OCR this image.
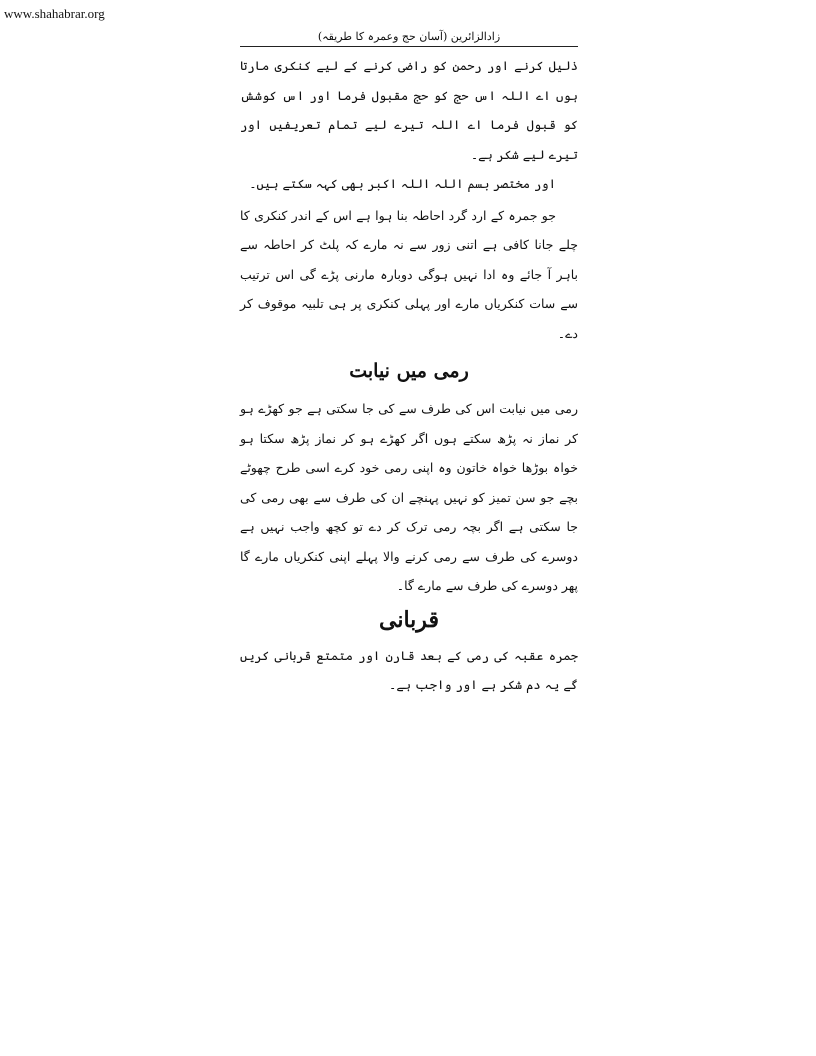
www.shahabrar.org
زادالزائرین (آسان حج وعمرہ کا طریقہ)

ذلیل کرنے اور رحمن کو راضی کرنے کے لیے کنکری مارتا ہوں اے اللہ اس حج کو حج مقبول فرما اور اس کوشش کو قبول فرما اے اللہ تیرے لیے تمام تعریفیں اور تیرے لیے شکر ہے۔

اور مختصر بسم اللہ اللہ اکبر بھی کہہ سکتے ہیں۔

جو جمرہ کے ارد گرد احاطہ بنا ہوا ہے اس کے اندر کنکری کا چلے جانا کافی ہے اتنی زور سے نہ مارے کہ پلٹ کر احاطہ سے باہر آ جائے وہ ادا نہیں ہوگی دوبارہ مارنی پڑے گی اس ترتیب سے سات کنکریاں مارے اور پہلی کنکری پر ہی تلبیہ موقوف کر دے۔

رمی میں نیابت

رمی میں نیابت اس کی طرف سے کی جا سکتی ہے جو کھڑے ہو کر نماز نہ پڑھ سکتے ہوں اگر کھڑے ہو کر نماز پڑھ سکتا ہو خواہ بوڑھا خواہ خاتون وہ اپنی رمی خود کرے اسی طرح چھوٹے بچے جو سن تمیز کو نہیں پہنچے ان کی طرف سے بھی رمی کی جا سکتی ہے اگر بچہ رمی ترک کر دے تو کچھ واجب نہیں ہے دوسرے کی طرف سے رمی کرنے والا پہلے اپنی کنکریاں مارے گا پھر دوسرے کی طرف سے مارے گا۔

قربانی

جمرہ عقبہ کی رمی کے بعد قارن اور متمتع قربانی کریں گے یہ دم شکر ہے اور واجب ہے۔
